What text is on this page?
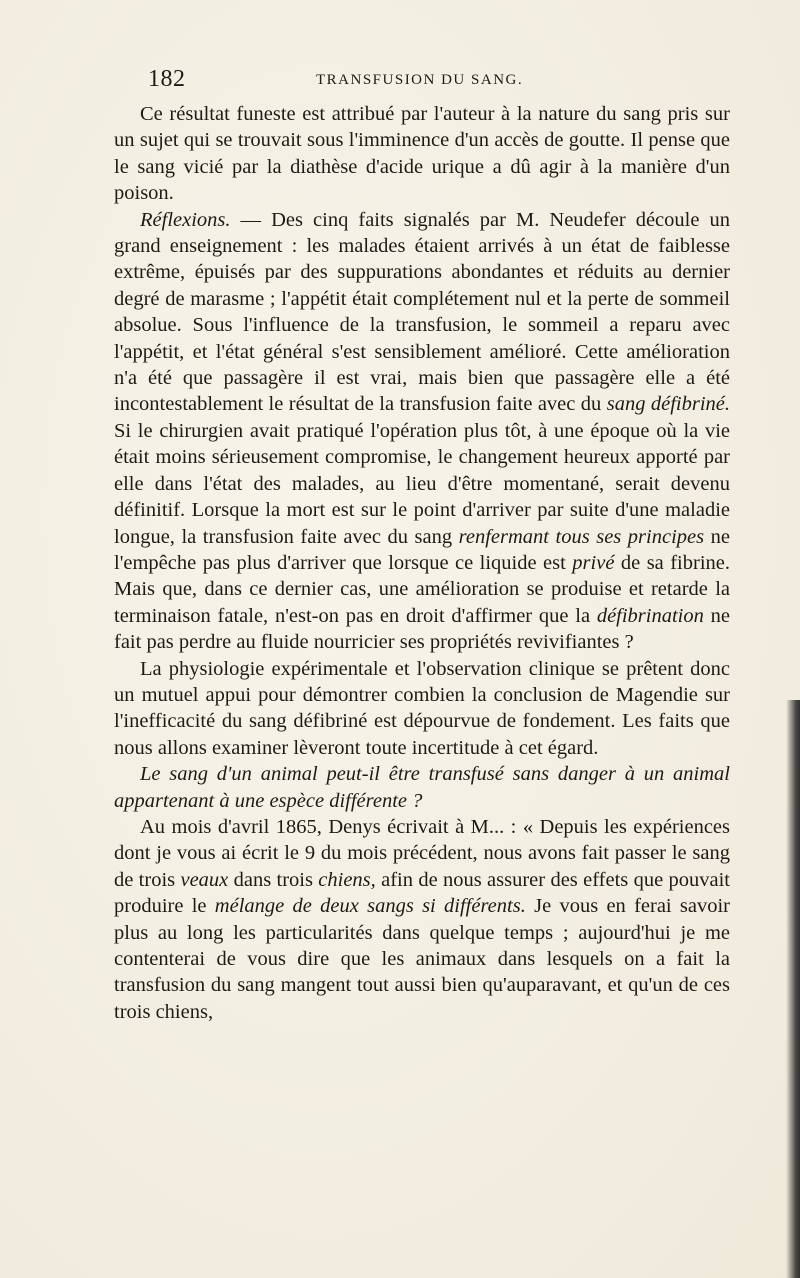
182	TRANSFUSION DU SANG.

Ce résultat funeste est attribué par l'auteur à la nature du sang pris sur un sujet qui se trouvait sous l'imminence d'un accès de goutte. Il pense que le sang vicié par la diathèse d'acide urique a dû agir à la manière d'un poison.

Réflexions. — Des cinq faits signalés par M. Neudefer découle un grand enseignement : les malades étaient arrivés à un état de faiblesse extrême, épuisés par des suppurations abondantes et réduits au dernier degré de marasme ; l'appétit était complétement nul et la perte de sommeil absolue. Sous l'influence de la transfusion, le sommeil a reparu avec l'appétit, et l'état général s'est sensiblement amélioré. Cette amélioration n'a été que passagère il est vrai, mais bien que passagère elle a été incontestablement le résultat de la transfusion faite avec du sang défibriné. Si le chirurgien avait pratiqué l'opération plus tôt, à une époque où la vie était moins sérieusement compromise, le changement heureux apporté par elle dans l'état des malades, au lieu d'être momentané, serait devenu définitif. Lorsque la mort est sur le point d'arriver par suite d'une maladie longue, la transfusion faite avec du sang renfermant tous ses principes ne l'empêche pas plus d'arriver que lorsque ce liquide est privé de sa fibrine. Mais que, dans ce dernier cas, une amélioration se produise et retarde la terminaison fatale, n'est-on pas en droit d'affirmer que la défibrination ne fait pas perdre au fluide nourricier ses propriétés revivifiantes ?

La physiologie expérimentale et l'observation clinique se prêtent donc un mutuel appui pour démontrer combien la conclusion de Magendie sur l'inefficacité du sang défibriné est dépourvue de fondement. Les faits que nous allons examiner lèveront toute incertitude à cet égard.

Le sang d'un animal peut-il être transfusé sans danger à un animal appartenant à une espèce différente ?

Au mois d'avril 1865, Denys écrivait à M... : « Depuis les expériences dont je vous ai écrit le 9 du mois précédent, nous avons fait passer le sang de trois veaux dans trois chiens, afin de nous assurer des effets que pouvait produire le mélange de deux sangs si différents. Je vous en ferai savoir plus au long les particularités dans quelque temps ; aujourd'hui je me contenterai de vous dire que les animaux dans lesquels on a fait la transfusion du sang mangent tout aussi bien qu'auparavant, et qu'un de ces trois chiens,
